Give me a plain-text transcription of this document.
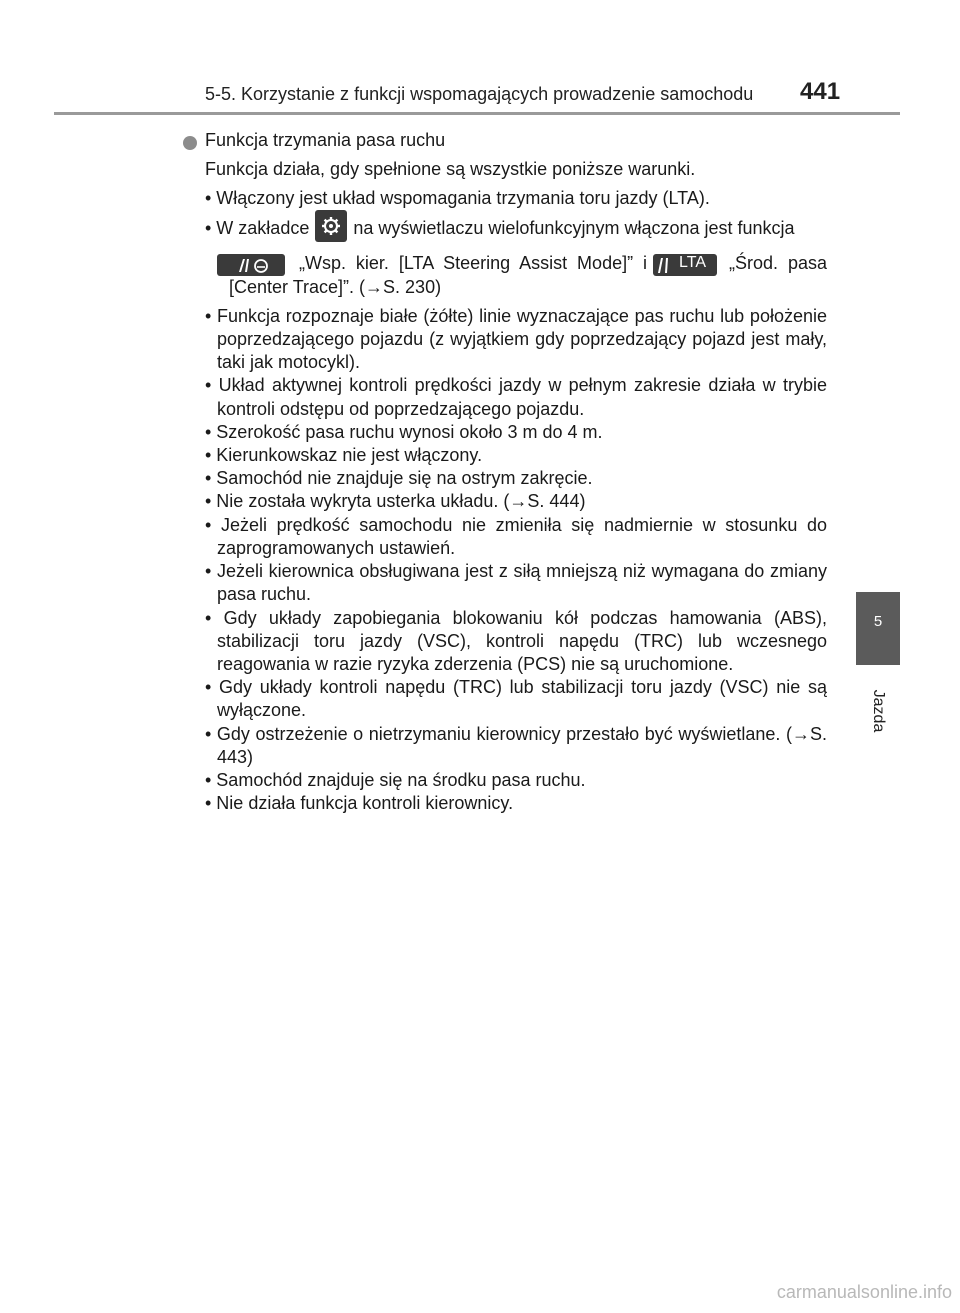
5-5. Korzystanie z funkcji wspomagających prowadzenie samochodu 441
5
Jazda
Funkcja trzymania pasa ruchu

Funkcja działa, gdy spełnione są wszystkie poniższe warunki.

• Włączony jest układ wspomagania trzymania toru jazdy (LTA).

• W zakładce na wyświetlaczu wielofunkcyjnym włączona jest funkcja
„Wsp. kier. [LTA Steering Assist Mode]” i LTA „Środ. pasa [Center Trace]”. (→S. 230)
• Funkcja rozpoznaje białe (żółte) linie wyznaczające pas ruchu lub położenie poprzedzającego pojazdu (z wyjątkiem gdy poprzedzający pojazd jest mały, taki jak motocykl).
• Układ aktywnej kontroli prędkości jazdy w pełnym zakresie działa w trybie kontroli odstępu od poprzedzającego pojazdu.
• Szerokość pasa ruchu wynosi około 3 m do 4 m.
• Kierunkowskaz nie jest włączony.
• Samochód nie znajduje się na ostrym zakręcie.
• Nie została wykryta usterka układu. (→S. 444)
• Jeżeli prędkość samochodu nie zmieniła się nadmiernie w stosunku do zaprogramowanych ustawień.
• Jeżeli kierownica obsługiwana jest z siłą mniejszą niż wymagana do zmiany pasa ruchu.
• Gdy układy zapobiegania blokowaniu kół podczas hamowania (ABS), stabilizacji toru jazdy (VSC), kontroli napędu (TRC) lub wczesnego reagowania w razie ryzyka zderzenia (PCS) nie są uruchomione.
• Gdy układy kontroli napędu (TRC) lub stabilizacji toru jazdy (VSC) nie są wyłączone.
• Gdy ostrzeżenie o nietrzymaniu kierownicy przestało być wyświetlane. (→S. 443)
• Samochód znajduje się na środku pasa ruchu.
• Nie działa funkcja kontroli kierownicy.
carmanualsonline.info
